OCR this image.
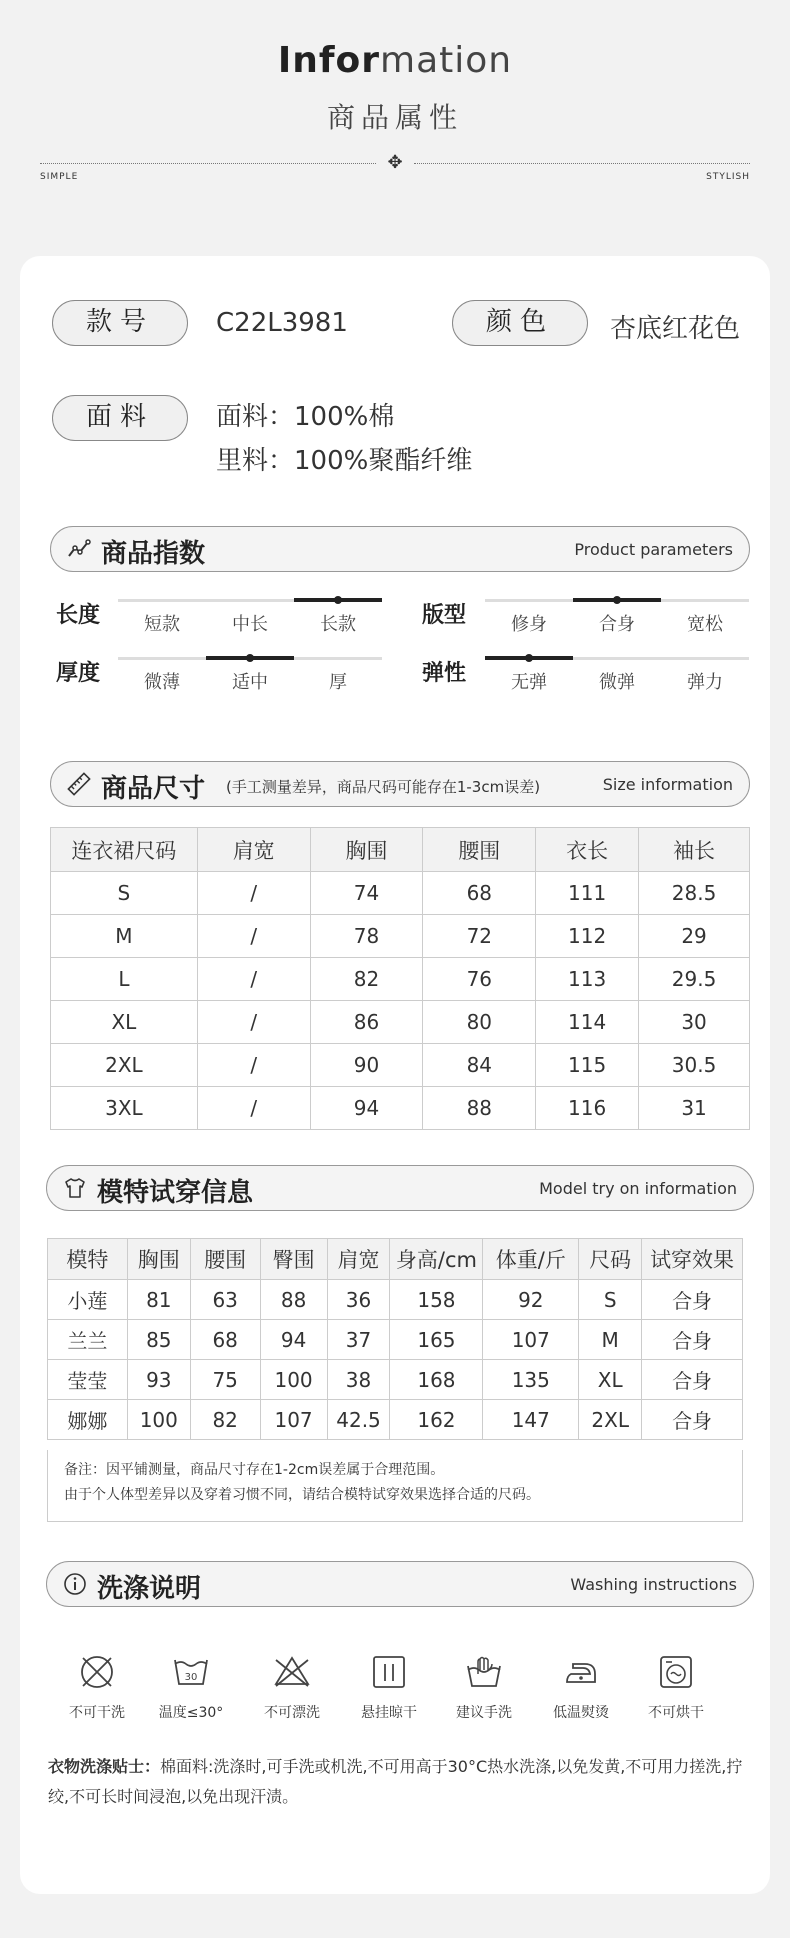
Information
商品属性
✥
SIMPLE	STYLISH
款号	C22L3981	颜色	杏底红花色
面料	面料：100%棉
里料：100%聚酯纤维
商品指数	Product parameters
商品尺寸 (手工测量差异，商品尺码可能存在1-3cm误差)	Size information
模特试穿信息	Model try on information
洗涤说明	Washing instructions
长度	短款	中长	长款	版型	修身	合身	宽松
厚度	微薄	适中	厚	弹性	无弹	微弹	弹力
连衣裙尺码	肩宽	胸围	腰围	衣长	袖长
S	/	74	68	111	28.5
M	/	78	72	112	29
L	/	82	76	113	29.5
XL	/	86	80	114	30
2XL	/	90	84	115	30.5
3XL	/	94	88	116	31
模特	胸围	腰围	臀围	肩宽	身高/cm	体重/斤	尺码	试穿效果
小莲	81	63	88	36	158	92	S	合身
兰兰	85	68	94	37	165	107	M	合身
莹莹	93	75	100	38	168	135	XL	合身
娜娜	100	82	107	42.5	162	147	2XL	合身
备注：因平铺测量，商品尺寸存在1-2cm误差属于合理范围。
由于个人体型差异以及穿着习惯不同，请结合模特试穿效果选择合适的尺码。
不可干洗
30
温度≤30°	不可漂洗	悬挂晾干	建议手洗	低温熨烫	不可烘干
衣物洗涤贴士：棉面料:洗涤时,可手洗或机洗,不可用高于30°C热水洗涤,以免发黄,不可用力搓洗,拧绞,不可长时间浸泡,以免出现汗渍。
